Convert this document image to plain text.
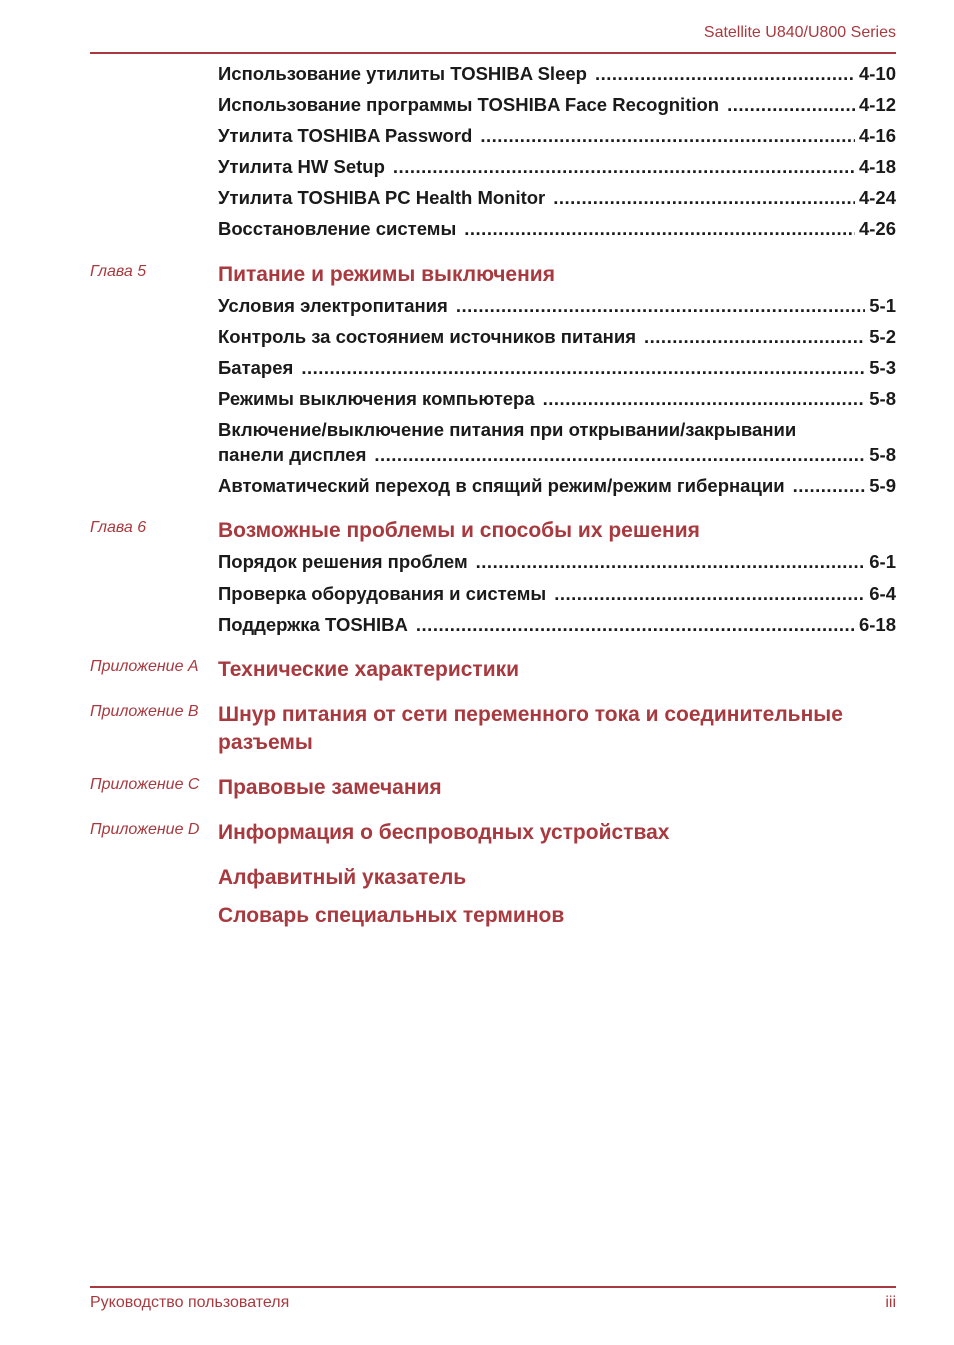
Satellite U840/U800 Series
Использование утилиты TOSHIBA Sleep .....	4-10
Использование программы TOSHIBA Face Recognition .....	4-12
Утилита TOSHIBA Password .....	4-16
Утилита HW Setup .....	4-18
Утилита TOSHIBA PC Health Monitor .....	4-24
Восстановление системы .....	4-26
Глава 5	Питание и режимы выключения
Условия электропитания .....	5-1
Контроль за состоянием источников питания .....	5-2
Батарея .....	5-3
Режимы выключения компьютера .....	5-8
Включение/выключение питания при открывании/закрывании
панели дисплея .....	5-8
Автоматический переход в спящий режим/режим гибернации .....	5-9
Глава 6	Возможные проблемы и способы их решения
Порядок решения проблем .....	6-1
Проверка оборудования и системы .....	6-4
Поддержка TOSHIBA .....	6-18
Приложение A Технические характеристики
Приложение B Шнур питания от сети переменного тока и соединительные разъемы
Приложение C Правовые замечания
Приложение D Информация о беспроводных устройствах
Алфавитный указатель
Словарь специальных терминов
Руководство пользователя	iii
